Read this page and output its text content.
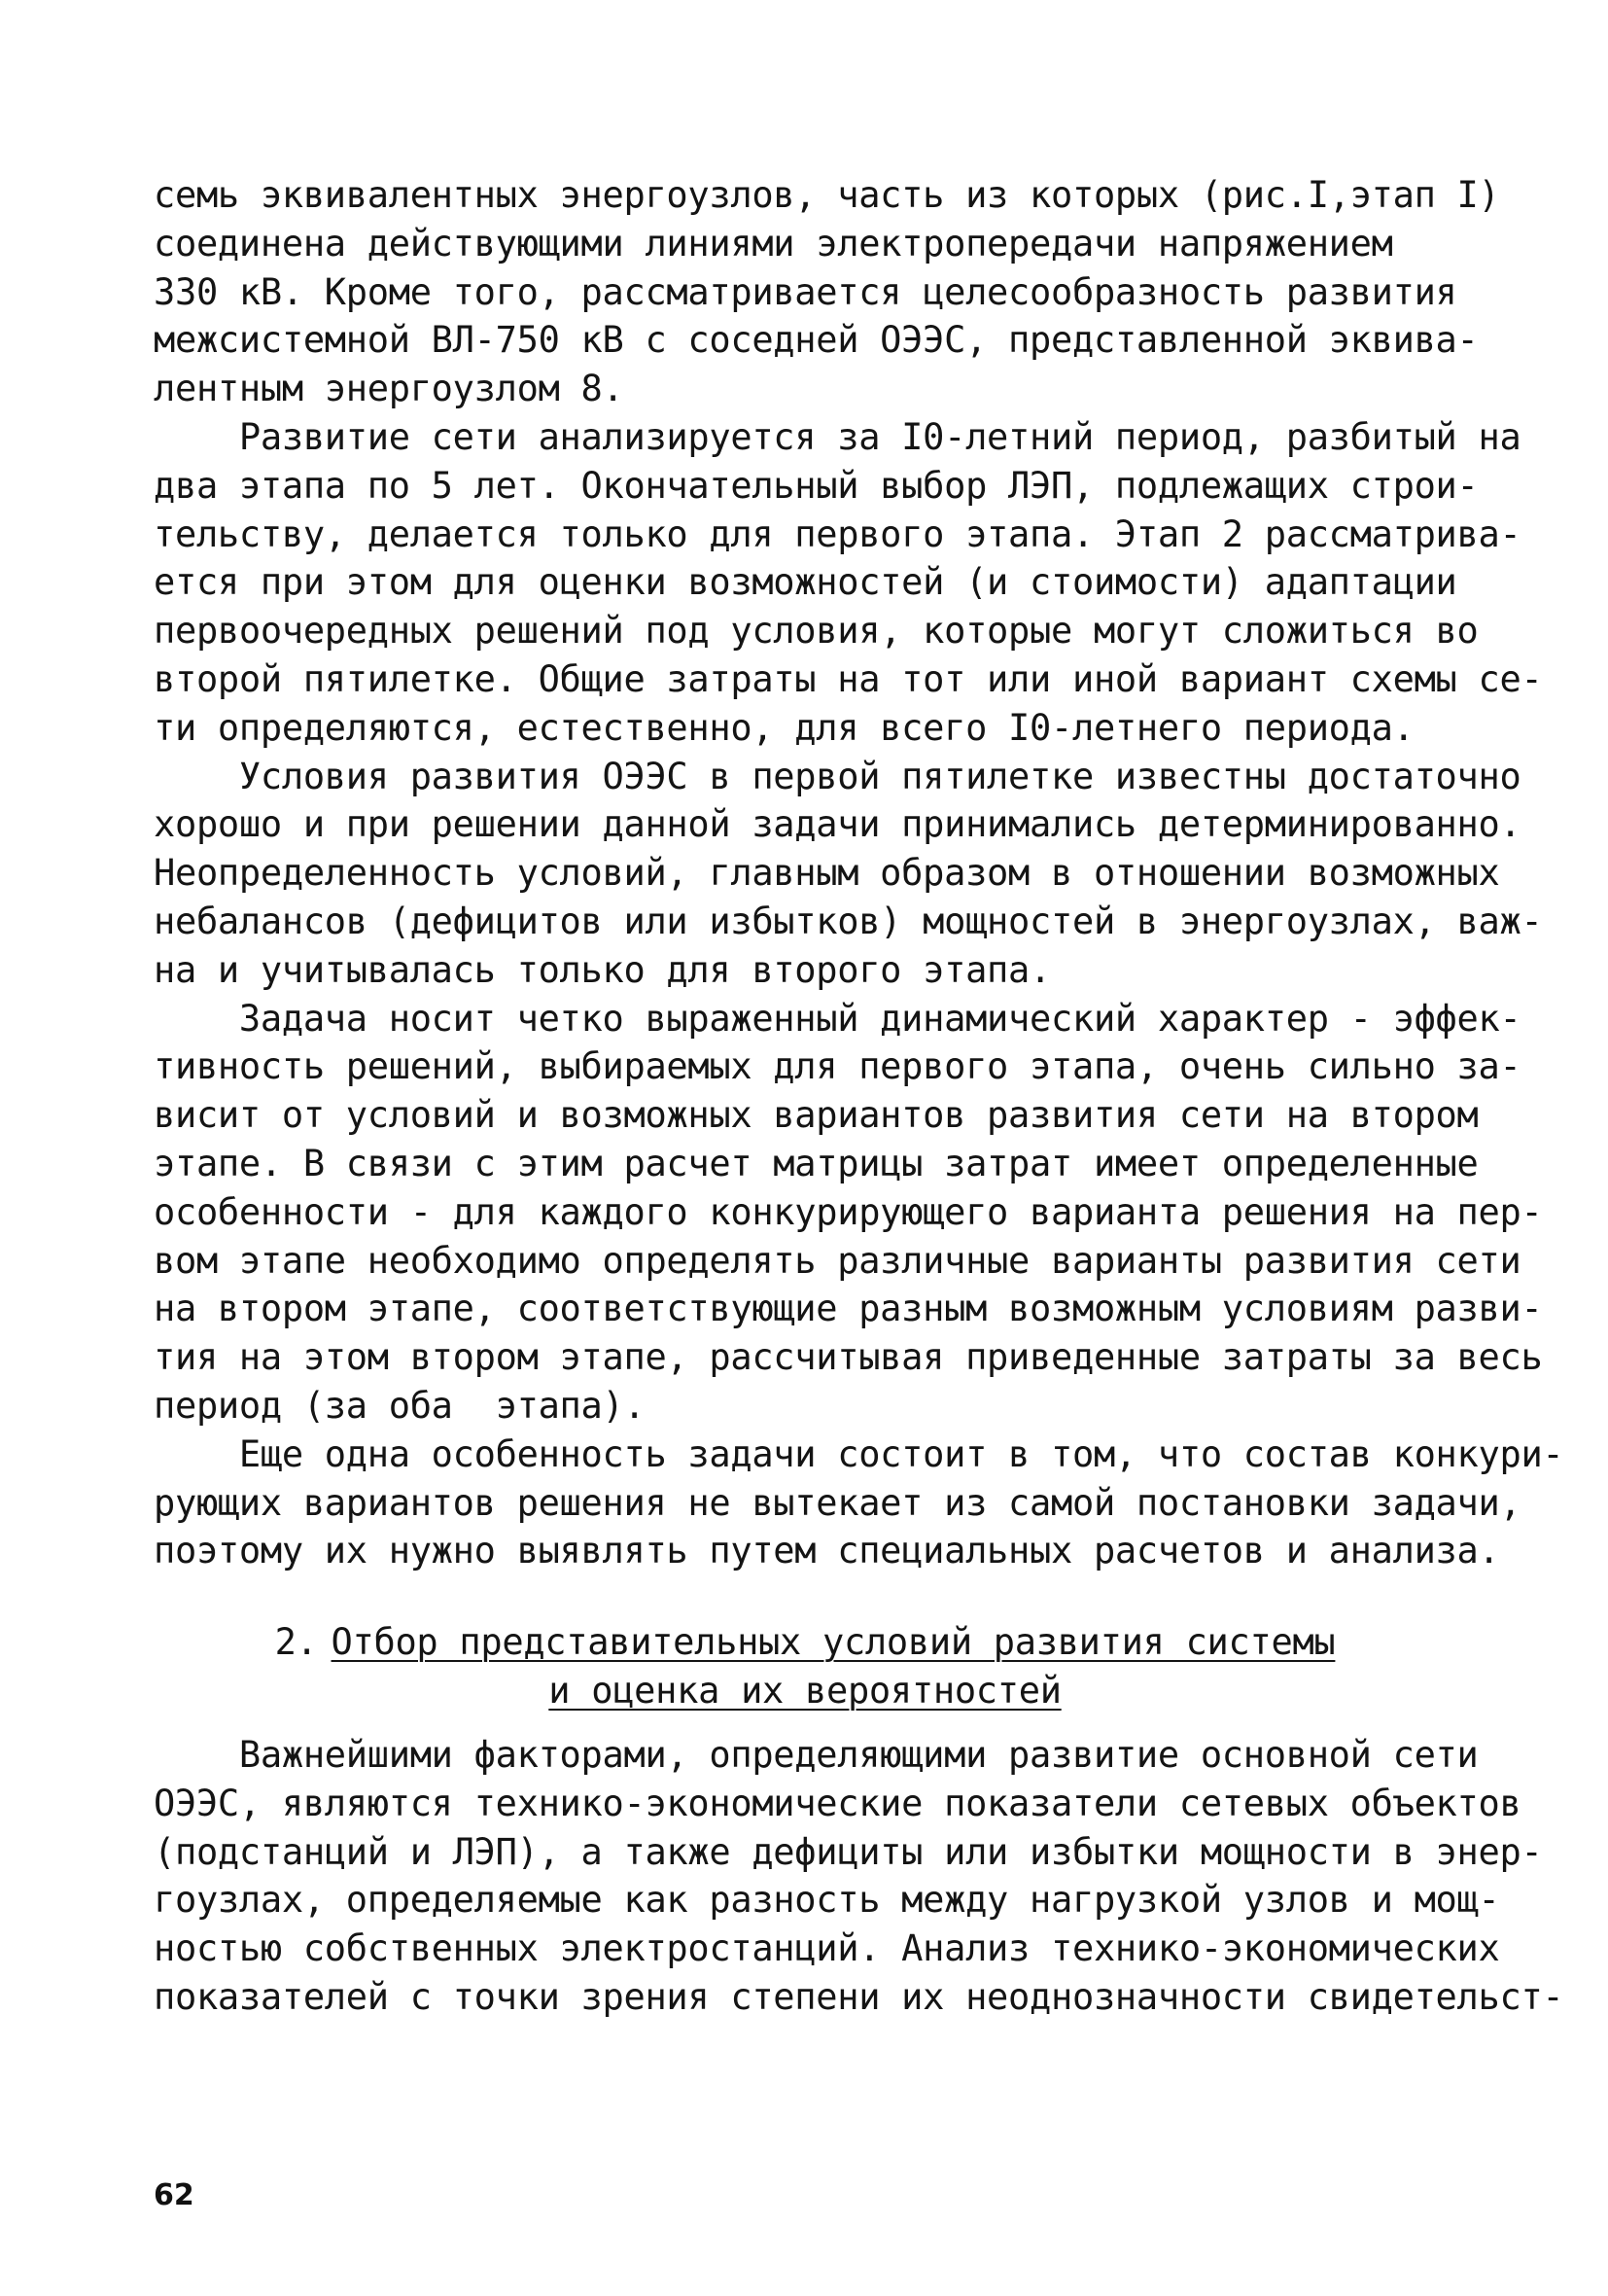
семь эквивалентных энергоузлов, часть из которых (рис.I,этап I)
соединена действующими линиями электропередачи напряжением
330 кВ. Кроме того, рассматривается целесообразность развития
межсистемной ВЛ-750 кВ с соседней ОЭЭС, представленной эквива-
лентным энергоузлом 8.
Развитие сети анализируется за I0-летний период, разбитый на
два этапа по 5 лет. Окончательный выбор ЛЭП, подлежащих строи-
тельству, делается только для первого этапа. Этап 2 рассматрива-
ется при этом для оценки возможностей (и стоимости) адаптации
первоочередных решений под условия, которые могут сложиться во
второй пятилетке. Общие затраты на тот или иной вариант схемы се-
ти определяются, естественно, для всего I0-летнего периода.
Условия развития ОЭЭС в первой пятилетке известны достаточно
хорошо и при решении данной задачи принимались детерминированно.
Неопределенность условий, главным образом в отношении возможных
небалансов (дефицитов или избытков) мощностей в энергоузлах, важ-
на и учитывалась только для второго этапа.
Задача носит четко выраженный динамический характер - эффек-
тивность решений, выбираемых для первого этапа, очень сильно за-
висит от условий и возможных вариантов развития сети на втором
этапе. В связи с этим расчет матрицы затрат имеет определенные
особенности - для каждого конкурирующего варианта решения на пер-
вом этапе необходимо определять различные варианты развития сети
на втором этапе, соответствующие разным возможным условиям разви-
тия на этом втором этапе, рассчитывая приведенные затраты за весь
период (за оба  этапа).
Еще одна особенность задачи состоит в том, что состав конкури-
рующих вариантов решения не вытекает из самой постановки задачи,
поэтому их нужно выявлять путем специальных расчетов и анализа.
2. Отбор представительных условий развития системы
и оценка их вероятностей
Важнейшими факторами, определяющими развитие основной сети
ОЭЭС, являются технико-экономические показатели сетевых объектов
(подстанций и ЛЭП), а также дефициты или избытки мощности в энер-
гоузлах, определяемые как разность между нагрузкой узлов и мощ-
ностью собственных электростанций. Анализ технико-экономических
показателей с точки зрения степени их неоднозначности свидетельст-
62
